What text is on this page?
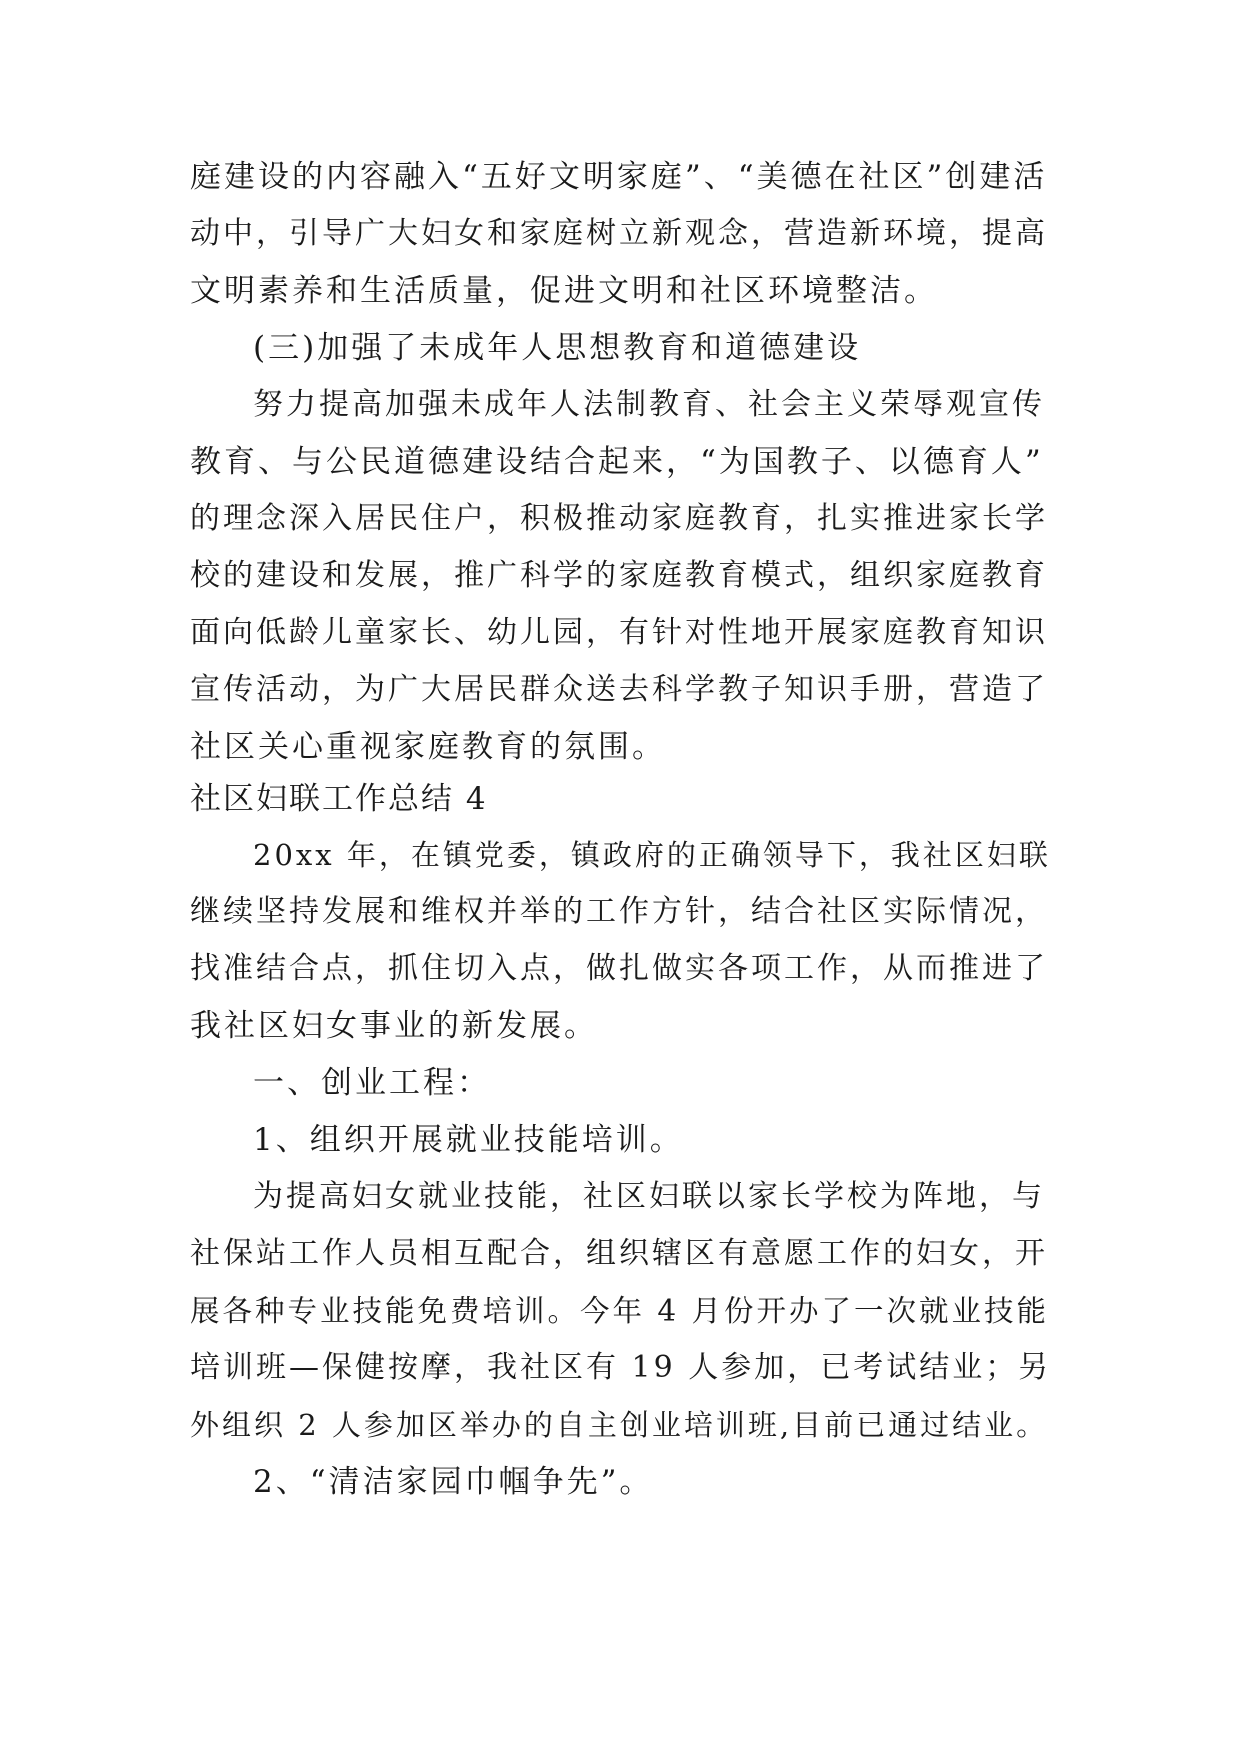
庭建设的内容融入“五好文明家庭”、“美德在社区”创建活

动中，引导广大妇女和家庭树立新观念，营造新环境，提高

文明素养和生活质量，促进文明和社区环境整洁。

(三)加强了未成年人思想教育和道德建设

努力提高加强未成年人法制教育、社会主义荣辱观宣传

教育、与公民道德建设结合起来，“为国教子、以德育人”

的理念深入居民住户，积极推动家庭教育，扎实推进家长学

校的建设和发展，推广科学的家庭教育模式，组织家庭教育

面向低龄儿童家长、幼儿园，有针对性地开展家庭教育知识

宣传活动，为广大居民群众送去科学教子知识手册，营造了

社区关心重视家庭教育的氛围。

社区妇联工作总结 4

20xx 年，在镇党委，镇政府的正确领导下，我社区妇联

继续坚持发展和维权并举的工作方针，结合社区实际情况，

找准结合点，抓住切入点，做扎做实各项工作，从而推进了

我社区妇女事业的新发展。

一、创业工程：

1、组织开展就业技能培训。

为提高妇女就业技能，社区妇联以家长学校为阵地，与

社保站工作人员相互配合，组织辖区有意愿工作的妇女，开

展各种专业技能免费培训。今年 4 月份开办了一次就业技能

培训班—保健按摩，我社区有 19 人参加，已考试结业；另

外组织 2 人参加区举办的自主创业培训班,目前已通过结业。

2、“清洁家园巾帼争先”。
